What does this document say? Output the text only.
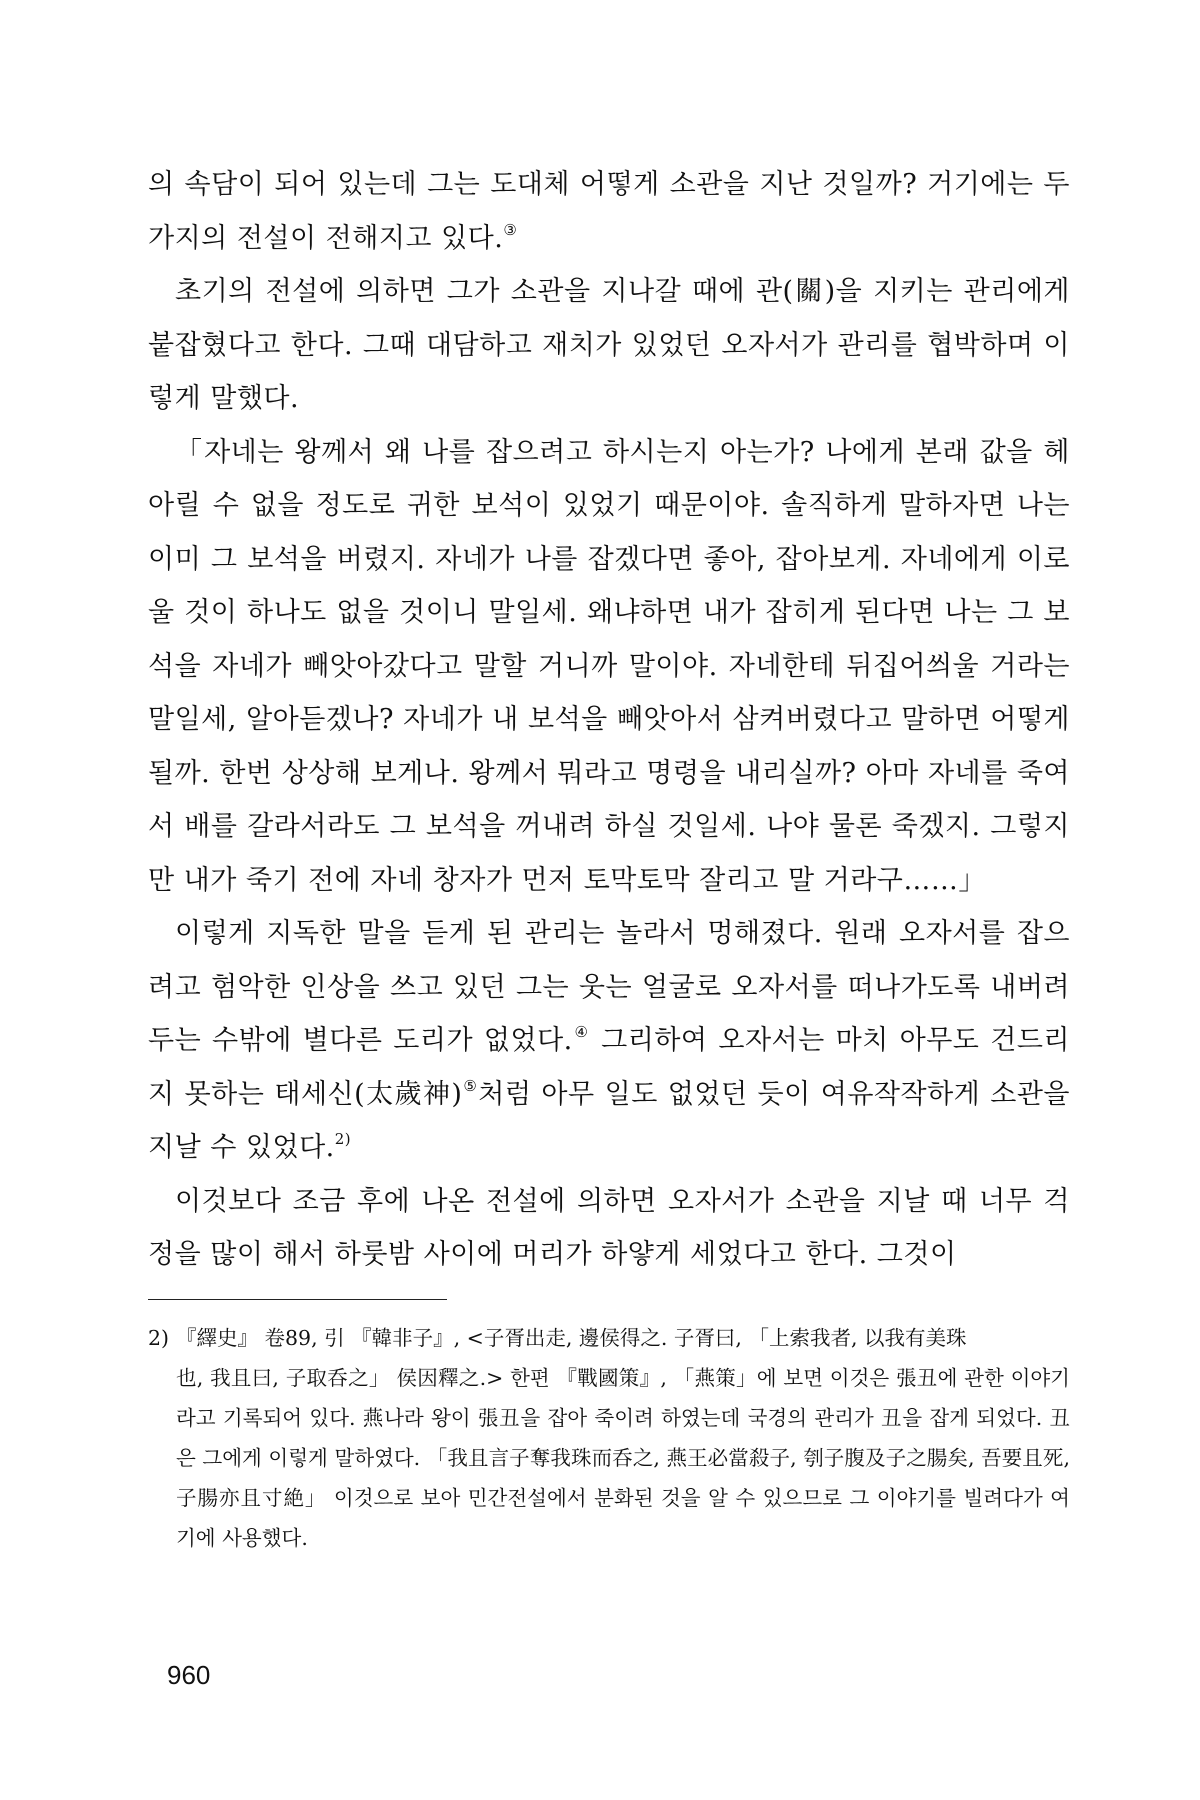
의 속담이 되어 있는데 그는 도대체 어떻게 소관을 지난 것일까? 거기에는 두 가지의 전설이 전해지고 있다.③

초기의 전설에 의하면 그가 소관을 지나갈 때에 관(關)을 지키는 관리에게 붙잡혔다고 한다. 그때 대담하고 재치가 있었던 오자서가 관리를 협박하며 이렇게 말했다.

「자네는 왕께서 왜 나를 잡으려고 하시는지 아는가? 나에게 본래 값을 헤아릴 수 없을 정도로 귀한 보석이 있었기 때문이야. 솔직하게 말하자면 나는 이미 그 보석을 버렸지. 자네가 나를 잡겠다면 좋아, 잡아보게. 자네에게 이로울 것이 하나도 없을 것이니 말일세. 왜냐하면 내가 잡히게 된다면 나는 그 보석을 자네가 빼앗아갔다고 말할 거니까 말이야. 자네한테 뒤집어씌울 거라는 말일세, 알아듣겠나? 자네가 내 보석을 빼앗아서 삼켜버렸다고 말하면 어떻게 될까. 한번 상상해 보게나. 왕께서 뭐라고 명령을 내리실까? 아마 자네를 죽여서 배를 갈라서라도 그 보석을 꺼내려 하실 것일세. 나야 물론 죽겠지. 그렇지만 내가 죽기 전에 자네 창자가 먼저 토막토막 잘리고 말 거라구……」

이렇게 지독한 말을 듣게 된 관리는 놀라서 멍해졌다. 원래 오자서를 잡으려고 험악한 인상을 쓰고 있던 그는 웃는 얼굴로 오자서를 떠나가도록 내버려 두는 수밖에 별다른 도리가 없었다.④ 그리하여 오자서는 마치 아무도 건드리지 못하는 태세신(太歲神)⑤처럼 아무 일도 없었던 듯이 여유작작하게 소관을 지날 수 있었다.$^{2)}$

이것보다 조금 후에 나온 전설에 의하면 오자서가 소관을 지날 때 너무 걱정을 많이 해서 하룻밤 사이에 머리가 하얗게 세었다고 한다. 그것이

2) 『繹史』 卷89, 引 『韓非子』, <子胥出走, 邊侯得之. 子胥曰, 「上索我者, 以我有美珠
也, 我且曰, 子取呑之」 侯因釋之.> 한편 『戰國策』, 「燕策」에 보면 이것은 張丑에 관한 이야기라고 기록되어 있다. 燕나라 왕이 張丑을 잡아 죽이려 하였는데 국경의 관리가 丑을 잡게 되었다. 丑은 그에게 이렇게 말하였다. 「我且言子奪我珠而呑之, 燕王必當殺子, 刳子腹及子之腸矣, 吾要且死, 子腸亦且寸絶」 이것으로 보아 민간전설에서 분화된 것을 알 수 있으므로 그 이야기를 빌려다가 여기에 사용했다.
960
